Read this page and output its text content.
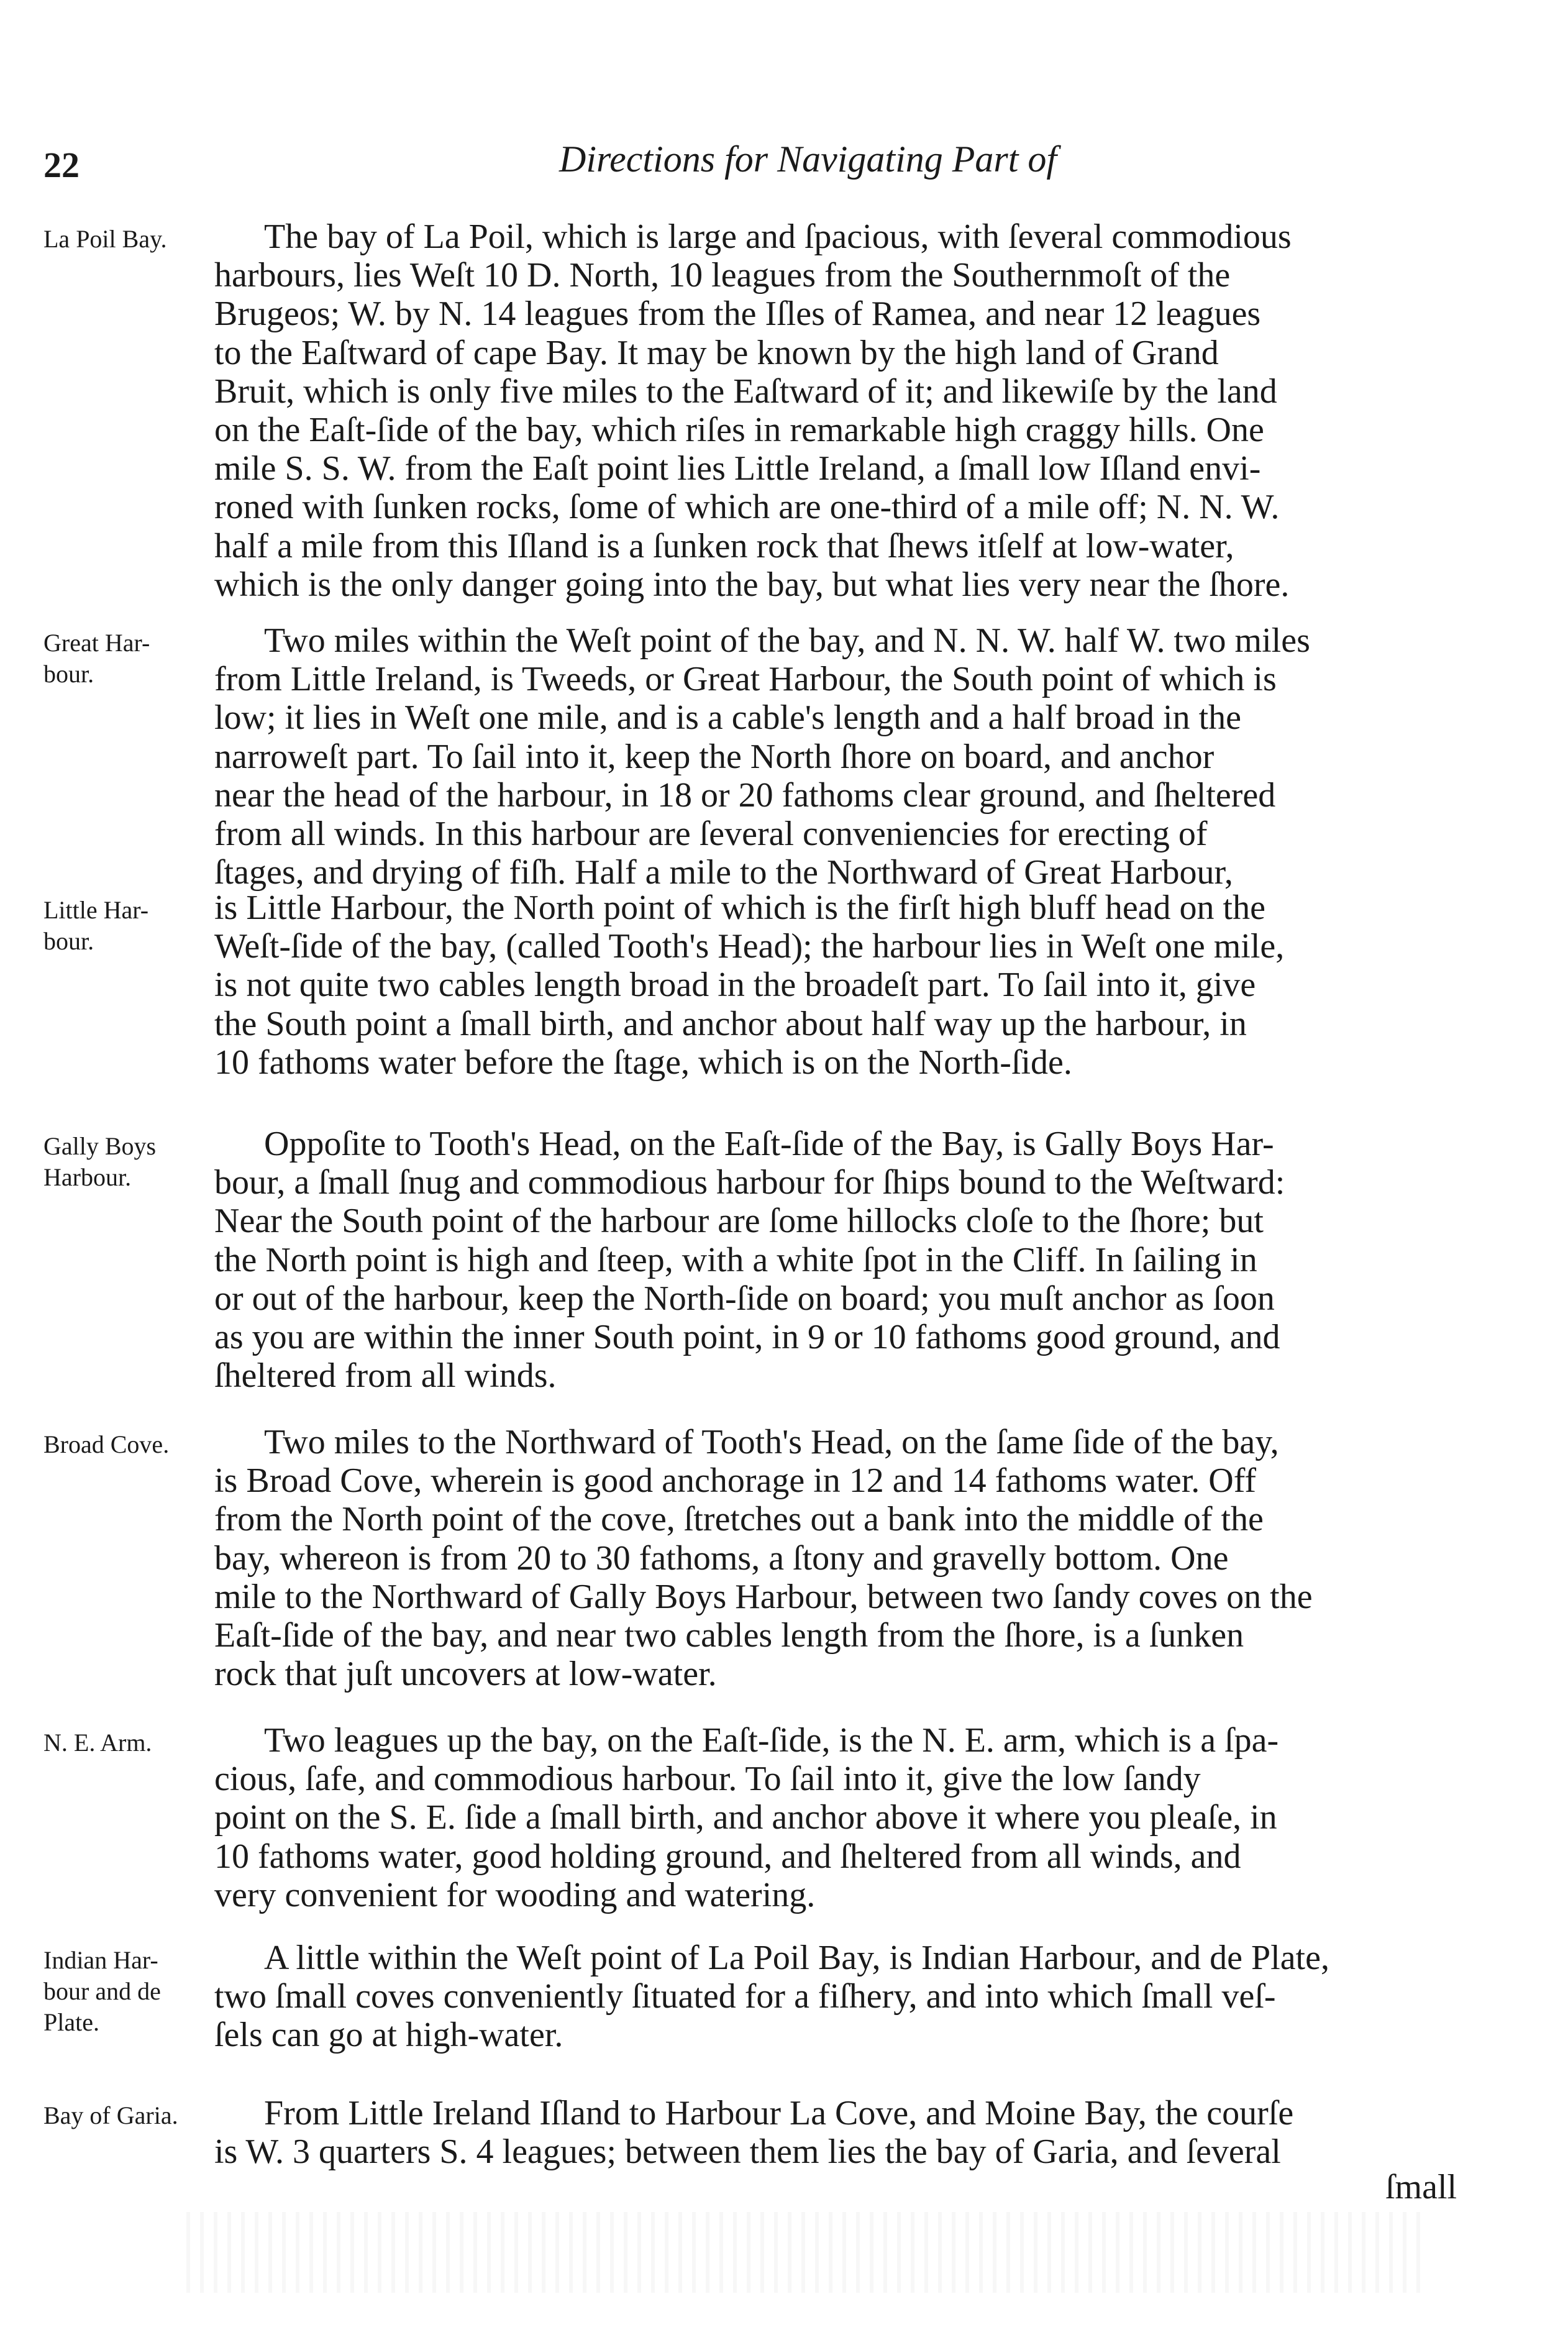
22	Directions for Navigating Part of
La Poil Bay.	The bay of La Poil, which is large and ſpacious, with ſeveral commodious
harbours, lies Weſt 10 D. North, 10 leagues from the Southernmoſt of the
Brugeos; W. by N. 14 leagues from the Iſles of Ramea, and near 12 leagues
to the Eaſtward of cape Bay. It may be known by the high land of Grand
Bruit, which is only five miles to the Eaſtward of it; and likewiſe by the land
on the Eaſt-ſide of the bay, which riſes in remarkable high craggy hills. One
mile S. S. W. from the Eaſt point lies Little Ireland, a ſmall low Iſland envi-
roned with ſunken rocks, ſome of which are one-third of a mile off; N. N. W.
half a mile from this Iſland is a ſunken rock that ſhews itſelf at low-water,
which is the only danger going into the bay, but what lies very near the ſhore.
Great Har-
bour.
Two miles within the Weſt point of the bay, and N. N. W. half W. two miles
from Little Ireland, is Tweeds, or Great Harbour, the South point of which is
low; it lies in Weſt one mile, and is a cable's length and a half broad in the
narroweſt part. To ſail into it, keep the North ſhore on board, and anchor
near the head of the harbour, in 18 or 20 fathoms clear ground, and ſheltered
from all winds. In this harbour are ſeveral conveniencies for erecting of
ſtages, and drying of fiſh. Half a mile to the Northward of Great Harbour,
Little Har-
bour.
is Little Harbour, the North point of which is the firſt high bluff head on the
Weſt-ſide of the bay, (called Tooth's Head); the harbour lies in Weſt one mile,
is not quite two cables length broad in the broadeſt part. To ſail into it, give
the South point a ſmall birth, and anchor about half way up the harbour, in
10 fathoms water before the ſtage, which is on the North-ſide.
Gally Boys
Harbour.
Oppoſite to Tooth's Head, on the Eaſt-ſide of the Bay, is Gally Boys Har-
bour, a ſmall ſnug and commodious harbour for ſhips bound to the Weſtward:
Near the South point of the harbour are ſome hillocks cloſe to the ſhore; but
the North point is high and ſteep, with a white ſpot in the Cliff. In ſailing in
or out of the harbour, keep the North-ſide on board; you muſt anchor as ſoon
as you are within the inner South point, in 9 or 10 fathoms good ground, and
ſheltered from all winds.
Broad Cove.	Two miles to the Northward of Tooth's Head, on the ſame ſide of the bay,
is Broad Cove, wherein is good anchorage in 12 and 14 fathoms water. Off
from the North point of the cove, ſtretches out a bank into the middle of the
bay, whereon is from 20 to 30 fathoms, a ſtony and gravelly bottom. One
mile to the Northward of Gally Boys Harbour, between two ſandy coves on the
Eaſt-ſide of the bay, and near two cables length from the ſhore, is a ſunken
rock that juſt uncovers at low-water.
N. E. Arm.	Two leagues up the bay, on the Eaſt-ſide, is the N. E. arm, which is a ſpa-
cious, ſafe, and commodious harbour. To ſail into it, give the low ſandy
point on the S. E. ſide a ſmall birth, and anchor above it where you pleaſe, in
10 fathoms water, good holding ground, and ſheltered from all winds, and
very convenient for wooding and watering.
Indian Har-
bour and de
Plate.
A little within the Weſt point of La Poil Bay, is Indian Harbour, and de Plate,
two ſmall coves conveniently ſituated for a fiſhery, and into which ſmall veſ-
ſels can go at high-water.
Bay of Garia.	From Little Ireland Iſland to Harbour La Cove, and Moine Bay, the courſe
is W. 3 quarters S. 4 leagues; between them lies the bay of Garia, and ſeveral
ſmall
